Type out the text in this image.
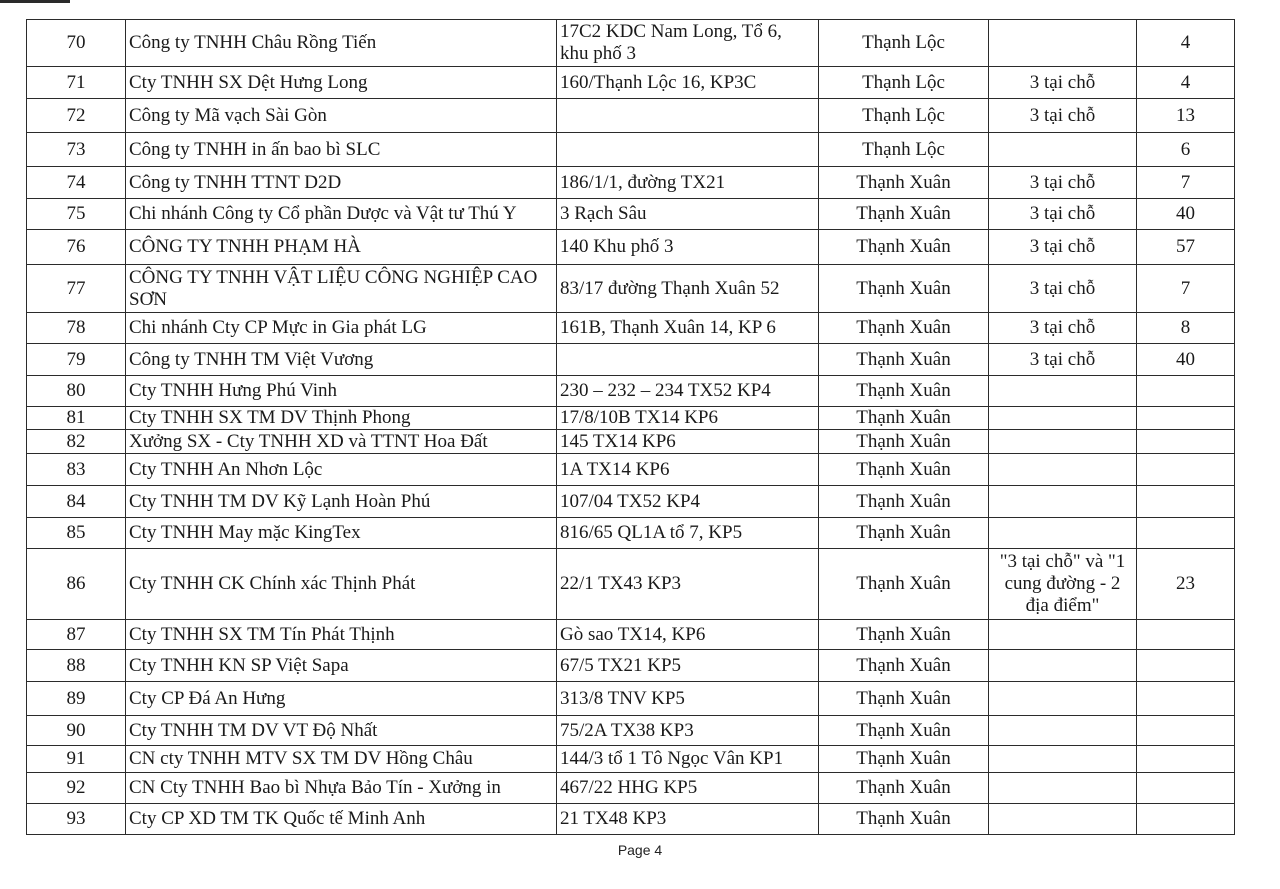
70	Công ty TNHH Châu Rồng Tiến	17C2 KDC Nam Long, Tổ 6, khu phố 3	Thạnh Lộc		4
71	Cty TNHH SX Dệt Hưng Long	160/Thạnh Lộc 16, KP3C	Thạnh Lộc	3 tại chỗ	4
72	Công ty Mã vạch Sài Gòn		Thạnh Lộc	3 tại chỗ	13
73	Công ty TNHH in ấn bao bì SLC		Thạnh Lộc		6
74	Công ty TNHH TTNT D2D	186/1/1, đường TX21	Thạnh Xuân	3 tại chỗ	7
75	Chi nhánh Công ty Cổ phần Dược và Vật tư Thú Y	3 Rạch Sâu	Thạnh Xuân	3 tại chỗ	40
76	CÔNG TY TNHH PHẠM HÀ	140 Khu phố 3	Thạnh Xuân	3 tại chỗ	57
77	CÔNG TY TNHH VẬT LIỆU CÔNG NGHIỆP CAO SƠN	83/17 đường Thạnh Xuân 52	Thạnh Xuân	3 tại chỗ	7
78	Chi nhánh Cty CP Mực in Gia phát LG	161B, Thạnh Xuân 14, KP 6	Thạnh Xuân	3 tại chỗ	8
79	Công ty TNHH TM Việt Vương		Thạnh Xuân	3 tại chỗ	40
80	Cty TNHH Hưng Phú Vinh	230 – 232 – 234 TX52 KP4	Thạnh Xuân		
81	Cty TNHH SX TM DV Thịnh Phong	17/8/10B TX14 KP6	Thạnh Xuân		
82	Xưởng SX - Cty TNHH XD và TTNT Hoa Đất	145 TX14 KP6	Thạnh Xuân		
83	Cty TNHH An Nhơn Lộc	1A TX14 KP6	Thạnh Xuân		
84	Cty TNHH TM DV Kỹ Lạnh Hoàn Phú	107/04 TX52 KP4	Thạnh Xuân		
85	Cty TNHH May mặc KingTex	816/65 QL1A tổ 7, KP5	Thạnh Xuân		
86	Cty TNHH CK Chính xác Thịnh Phát	22/1 TX43 KP3	Thạnh Xuân	"3 tại chỗ" và "1 cung đường - 2 địa điểm"	23
87	Cty TNHH SX TM Tín Phát Thịnh	Gò sao TX14, KP6	Thạnh Xuân		
88	Cty TNHH KN SP Việt Sapa	67/5 TX21 KP5	Thạnh Xuân		
89	Cty CP Đá An Hưng	313/8 TNV KP5	Thạnh Xuân		
90	Cty TNHH TM DV VT Độ Nhất	75/2A TX38 KP3	Thạnh Xuân		
91	CN cty TNHH MTV SX TM DV Hồng Châu	144/3 tổ 1 Tô Ngọc Vân KP1	Thạnh Xuân		
92	CN Cty TNHH Bao bì Nhựa Bảo Tín - Xưởng in	467/22 HHG KP5	Thạnh Xuân		
93	Cty CP XD TM TK Quốc tế Minh Anh	21 TX48 KP3	Thạnh Xuân		
Page 4
